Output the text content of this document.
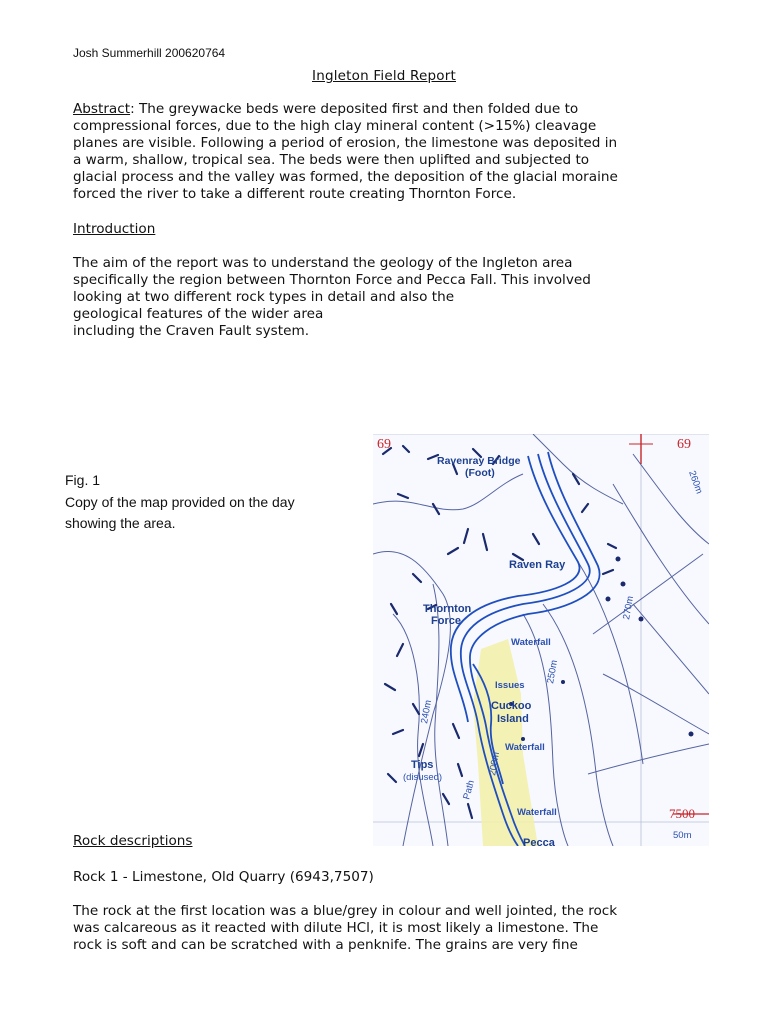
Josh Summerhill 200620764
Ingleton Field Report
Abstract: The greywacke beds were deposited first and then folded due to
compressional forces, due to the high clay mineral content (>15%) cleavage
planes are visible. Following a period of erosion, the limestone was deposited in
a warm, shallow, tropical sea. The beds were then uplifted and subjected to
glacial process and the valley was formed, the deposition of the glacial moraine
forced the river to take a different route creating Thornton Force.
Introduction
The aim of the report was to understand the geology of the Ingleton area
specifically the region between Thornton Force and Pecca Fall. This involved
looking at two different rock types in detail and also the
geological features of the wider area
including the Craven Fault system.
Fig. 1
Copy of the map provided on the day
showing the area.
69	69
7500
Ravenray Bridge
(Foot)
Raven Ray
Thornton
Force
Waterfall
Issues
Cuckoo
Island
Waterfall
Tips
(disused)
Waterfall
Pecca
50m
260m
270m
250m
240m
200m
Path
Rock descriptions
Rock 1 - Limestone, Old Quarry (6943,7507)
The rock at the first location was a blue/grey in colour and well jointed, the rock
was calcareous as it reacted with dilute HCl, it is most likely a limestone. The
rock is soft and can be scratched with a penknife. The grains are very fine
